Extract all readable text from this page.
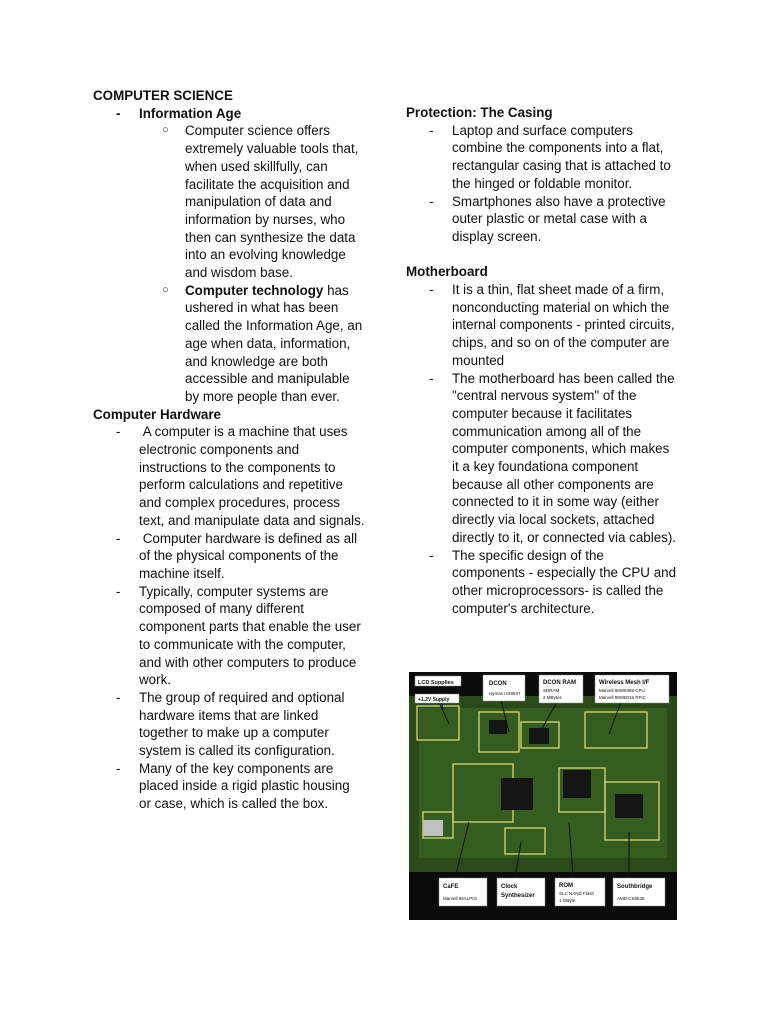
COMPUTER SCIENCE
- Information Age
○ Computer science offers extremely valuable tools that, when used skillfully, can facilitate the acquisition and manipulation of data and information by nurses, who then can synthesize the data into an evolving knowledge and wisdom base.
○ Computer technology has ushered in what has been called the Information Age, an age when data, information, and knowledge are both accessible and manipulable by more people than ever.
Computer Hardware
- A computer is a machine that uses electronic components and instructions to the components to perform calculations and repetitive and complex procedures, process text, and manipulate data and signals.
- Computer hardware is defined as all of the physical components of the machine itself.
- Typically, computer systems are composed of many different component parts that enable the user to communicate with the computer, and with other computers to produce work.
- The group of required and optional hardware items that are linked together to make up a computer system is called its configuration.
- Many of the key components are placed inside a rigid plastic housing or case, which is called the box.
Protection: The Casing
- Laptop and surface computers combine the components into a flat, rectangular casing that is attached to the hinged or foldable monitor.
- Smartphones also have a protective outer plastic or metal case with a display screen.
Motherboard
- It is a thin, flat sheet made of a firm, nonconducting material on which the internal components - printed circuits, chips, and so on of the computer are mounted
- The motherboard has been called the "central nervous system" of the computer because it facilitates communication among all of the computer components, which makes it a key foundationa component because all other components are connected to it in some way (either directly via local sockets, attached directly to it, or connected via cables).
- The specific design of the components - especially the CPU and other microprocessors- is called the computer's architecture.
LCD Supplies
+1.2V Supply
DCON
Hymax HX8837
DCON RAM
SDRAM
2 MBytes
Wireless Mesh I/F
Marvell 88W8388 CPU
Marvell 88W8015 RFIC
CaFE
Marvell 88ALP01
Clock
Synthesizer
ROM
SLC NAND Flash
1 GByte
Southbridge
AMD CS5536
